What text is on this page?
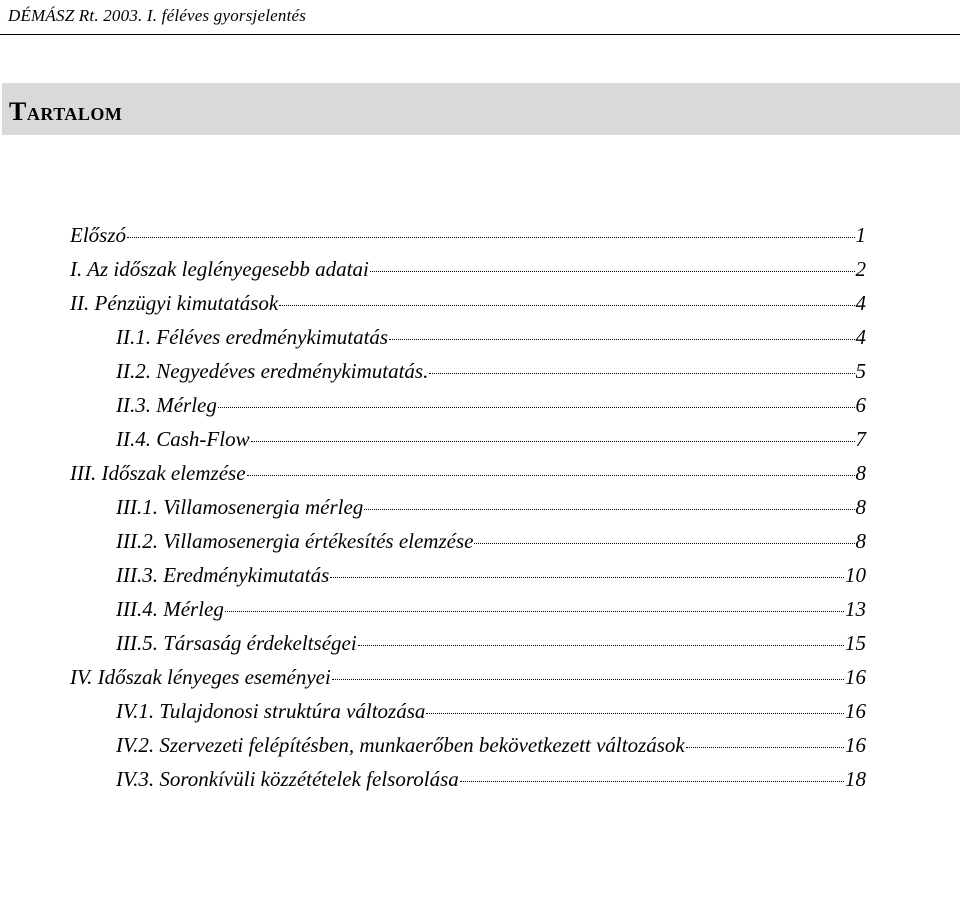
DÉMÁSZ Rt. 2003. I. féléves gyorsjelentés
Tartalom
Előszó	1
I. Az időszak leglényegesebb adatai	2
II. Pénzügyi kimutatások	4
II.1. Féléves eredménykimutatás	4
II.2. Negyedéves eredménykimutatás.	5
II.3. Mérleg	6
II.4. Cash-Flow	7
III. Időszak elemzése	8
III.1. Villamosenergia mérleg	8
III.2. Villamosenergia értékesítés elemzése	8
III.3. Eredménykimutatás	10
III.4. Mérleg	13
III.5. Társaság érdekeltségei	15
IV. Időszak lényeges eseményei	16
IV.1. Tulajdonosi struktúra változása	16
IV.2. Szervezeti felépítésben, munkaerőben bekövetkezett változások	16
IV.3. Soronkívüli közzétételek felsorolása	18
